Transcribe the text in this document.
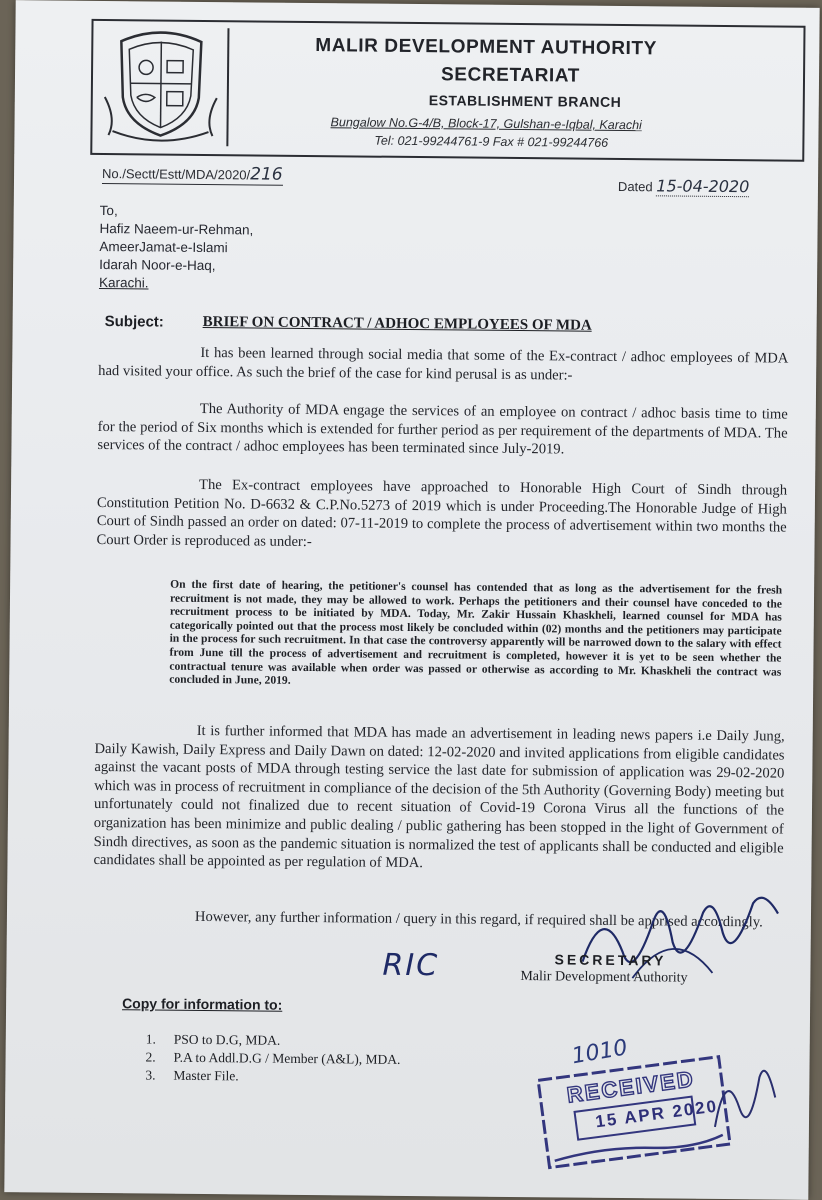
MALIR DEVELOPMENT AUTHORITY
SECRETARIAT
ESTABLISHMENT BRANCH
Bungalow No.G-4/B, Block-17, Gulshan-e-Iqbal, Karachi
Tel: 021-99244761-9 Fax # 021-99244766
No./Sectt/Estt/MDA/2020/216
Dated 15-04-2020
To,
Hafiz Naeem-ur-Rehman,
AmeerJamat-e-Islami
Idarah Noor-e-Haq,
Karachi.
Subject:	BRIEF ON CONTRACT / ADHOC EMPLOYEES OF MDA
It has been learned through social media that some of the Ex-contract / adhoc employees of MDA had visited your office. As such the brief of the case for kind perusal is as under:-
The Authority of MDA engage the services of an employee on contract / adhoc basis time to time for the period of Six months which is extended for further period as per requirement of the departments of MDA. The services of the contract / adhoc employees has been terminated since July-2019.
The Ex-contract employees have approached to Honorable High Court of Sindh through Constitution Petition No. D-6632 & C.P.No.5273 of 2019 which is under Proceeding.The Honorable Judge of High Court of Sindh passed an order on dated: 07-11-2019 to complete the process of advertisement within two months the Court Order is reproduced as under:-
On the first date of hearing, the petitioner's counsel has contended that as long as the advertisement for the fresh recruitment is not made, they may be allowed to work. Perhaps the petitioners and their counsel have conceded to the recruitment process to be initiated by MDA. Today, Mr. Zakir Hussain Khaskheli, learned counsel for MDA has categorically pointed out that the process most likely be concluded within (02) months and the petitioners may participate in the process for such recruitment. In that case the controversy apparently will be narrowed down to the salary with effect from June till the process of advertisement and recruitment is completed, however it is yet to be seen whether the contractual tenure was available when order was passed or otherwise as according to Mr. Khaskheli the contract was concluded in June, 2019.
It is further informed that MDA has made an advertisement in leading news papers i.e Daily Jung, Daily Kawish, Daily Express and Daily Dawn on dated: 12-02-2020 and invited applications from eligible candidates against the vacant posts of MDA through testing service the last date for submission of application was 29-02-2020 which was in process of recruitment in compliance of the decision of the 5th Authority (Governing Body) meeting but unfortunately could not finalized due to recent situation of Covid-19 Corona Virus all the functions of the organization has been minimize and public dealing / public gathering has been stopped in the light of Government of Sindh directives, as soon as the pandemic situation is normalized the test of applicants shall be conducted and eligible candidates shall be appointed as per regulation of MDA.
However, any further information / query in this regard, if required shall be apprised accordingly.
RIC	SECRETARY
Malir Development Authority
Copy for information to:
1. PSO to D.G, MDA.
2. P.A to Addl.D.G / Member (A&L), MDA.
3. Master File.
1010
RECEIVED
15 APR 2020
